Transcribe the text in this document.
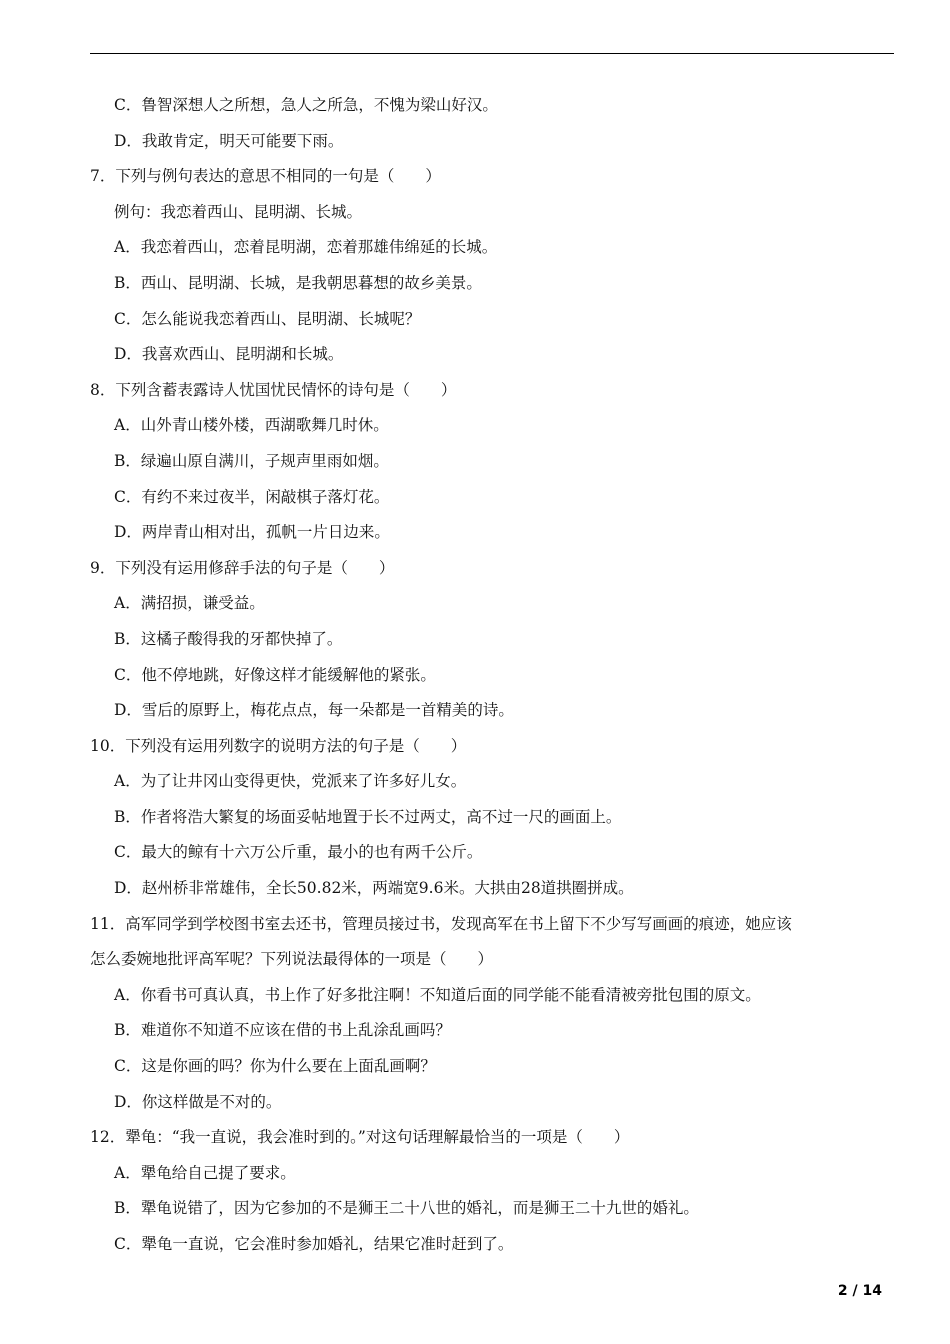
C．鲁智深想人之所想，急人之所急，不愧为梁山好汉。
D．我敢肯定，明天可能要下雨。
7．下列与例句表达的意思不相同的一句是（　　）
例句：我恋着西山、昆明湖、长城。
A．我恋着西山，恋着昆明湖，恋着那雄伟绵延的长城。
B．西山、昆明湖、长城，是我朝思暮想的故乡美景。
C．怎么能说我恋着西山、昆明湖、长城呢？
D．我喜欢西山、昆明湖和长城。
8．下列含蓄表露诗人忧国忧民情怀的诗句是（　　）
A．山外青山楼外楼，西湖歌舞几时休。
B．绿遍山原自满川，子规声里雨如烟。
C．有约不来过夜半，闲敲棋子落灯花。
D．两岸青山相对出，孤帆一片日边来。
9．下列没有运用修辞手法的句子是（　　）
A．满招损，谦受益。
B．这橘子酸得我的牙都快掉了。
C．他不停地跳，好像这样才能缓解他的紧张。
D．雪后的原野上，梅花点点，每一朵都是一首精美的诗。
10．下列没有运用列数字的说明方法的句子是（　　）
A．为了让井冈山变得更快，党派来了许多好儿女。
B．作者将浩大繁复的场面妥帖地置于长不过两丈，高不过一尺的画面上。
C．最大的鲸有十六万公斤重，最小的也有两千公斤。
D．赵州桥非常雄伟，全长50.82米，两端宽9.6米。大拱由28道拱圈拼成。
11．高军同学到学校图书室去还书，管理员接过书，发现高军在书上留下不少写写画画的痕迹，她应该
怎么委婉地批评高军呢？下列说法最得体的一项是（　　）
A．你看书可真认真，书上作了好多批注啊！不知道后面的同学能不能看清被旁批包围的原文。
B．难道你不知道不应该在借的书上乱涂乱画吗？
C．这是你画的吗？你为什么要在上面乱画啊？
D．你这样做是不对的。
12．犟龟：“我一直说，我会准时到的。”对这句话理解最恰当的一项是（　　）
A．犟龟给自己提了要求。
B．犟龟说错了，因为它参加的不是狮王二十八世的婚礼，而是狮王二十九世的婚礼。
C．犟龟一直说，它会准时参加婚礼，结果它准时赶到了。
2 / 14
